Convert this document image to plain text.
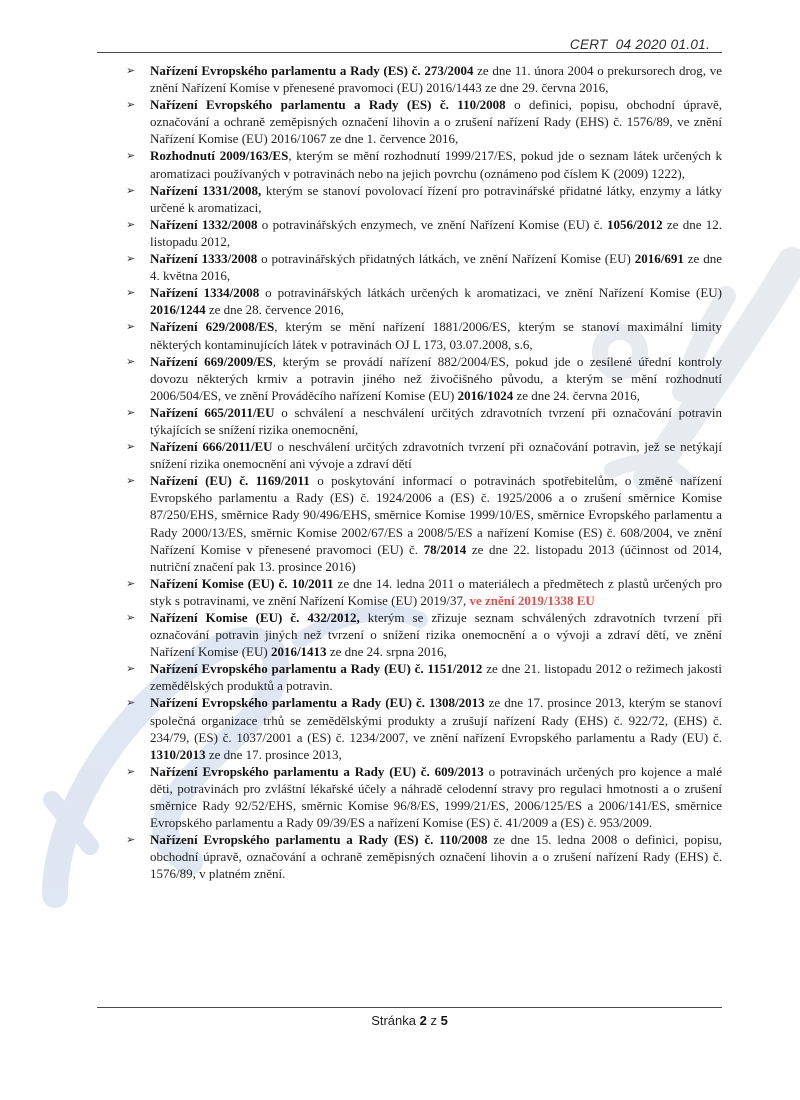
CERT  04 2020 01.01.
➢ Nařízení Evropského parlamentu a Rady (ES) č. 273/2004 ze dne 11. února 2004 o prekursorech drog, ve znění Nařízení Komise v přenesené pravomoci (EU) 2016/1443 ze dne 29. června 2016,
➢ Nařízení Evropského parlamentu a Rady (ES) č. 110/2008 o definici, popisu, obchodní úpravě, označování a ochraně zeměpisných označení lihovin a o zrušení nařízení Rady (EHS) č. 1576/89, ve znění Nařízení Komise (EU) 2016/1067 ze dne 1. července 2016,
➢ Rozhodnutí 2009/163/ES, kterým se mění rozhodnutí 1999/217/ES, pokud jde o seznam látek určených k aromatizaci používaných v potravinách nebo na jejich povrchu (oznámeno pod číslem K (2009) 1222),
➢ Nařízení 1331/2008, kterým se stanoví povolovací řízení pro potravinářské přidatné látky, enzymy a látky určené k aromatizaci,
➢ Nařízení 1332/2008 o potravinářských enzymech, ve znění Nařízení Komise (EU) č. 1056/2012 ze dne 12. listopadu 2012,
➢ Nařízení 1333/2008 o potravinářských přidatných látkách, ve znění Nařízení Komise (EU) 2016/691 ze dne 4. května 2016,
➢ Nařízení 1334/2008 o potravinářských látkách určených k aromatizaci, ve znění Nařízení Komise (EU) 2016/1244 ze dne 28. července 2016,
➢ Nařízení 629/2008/ES, kterým se mění nařízení 1881/2006/ES, kterým se stanoví maximální limity některých kontaminujících látek v potravinách OJ L 173, 03.07.2008, s.6,
➢ Nařízení 669/2009/ES, kterým se provádí nařízení 882/2004/ES, pokud jde o zesílené úřední kontroly dovozu některých krmiv a potravin jiného než živočišného původu, a kterým se mění rozhodnutí 2006/504/ES, ve znění Prováděcího nařízení Komise (EU) 2016/1024 ze dne 24. června 2016,
➢ Nařízení 665/2011/EU o schválení a neschválení určitých zdravotních tvrzení při označování potravin týkajících se snížení rizika onemocnění,
➢ Nařízení 666/2011/EU o neschválení určitých zdravotních tvrzení při označování potravin, jež se netýkají snížení rizika onemocnění ani vývoje a zdraví dětí
➢ Nařízení (EU) č. 1169/2011 o poskytování informací o potravinách spotřebitelům, o změně nařízení Evropského parlamentu a Rady (ES) č. 1924/2006 a (ES) č. 1925/2006 a o zrušení směrnice Komise 87/250/EHS, směrnice Rady 90/496/EHS, směrnice Komise 1999/10/ES, směrnice Evropského parlamentu a Rady 2000/13/ES, směrnic Komise 2002/67/ES a 2008/5/ES a nařízení Komise (ES) č. 608/2004, ve znění Nařízení Komise v přenesené pravomoci (EU) č. 78/2014 ze dne 22. listopadu 2013 (účinnost od 2014, nutriční značení pak 13. prosince 2016)
➢ Nařízení Komise (EU) č. 10/2011 ze dne 14. ledna 2011 o materiálech a předmětech z plastů určených pro styk s potravinami, ve znění Nařízení Komise (EU) 2019/37, ve znění 2019/1338 EU
➢ Nařízení Komise (EU) č. 432/2012, kterým se zřizuje seznam schválených zdravotních tvrzení při označování potravin jiných než tvrzení o snížení rizika onemocnění a o vývoji a zdraví dětí, ve znění Nařízení Komise (EU) 2016/1413 ze dne 24. srpna 2016,
➢ Nařízení Evropského parlamentu a Rady (EU) č. 1151/2012 ze dne 21. listopadu 2012 o režimech jakosti zemědělských produktů a potravin.
➢ Nařízení Evropského parlamentu a Rady (EU) č. 1308/2013 ze dne 17. prosince 2013, kterým se stanoví společná organizace trhů se zemědělskými produkty a zrušují nařízení Rady (EHS) č. 922/72, (EHS) č. 234/79, (ES) č. 1037/2001 a (ES) č. 1234/2007, ve znění nařízení Evropského parlamentu a Rady (EU) č. 1310/2013 ze dne 17. prosince 2013,
➢ Nařízení Evropského parlamentu a Rady (EU) č. 609/2013 o potravinách určených pro kojence a malé děti, potravinách pro zvláštní lékařské účely a náhradě celodenní stravy pro regulaci hmotnosti a o zrušení směrnice Rady 92/52/EHS, směrnic Komise 96/8/ES, 1999/21/ES, 2006/125/ES a 2006/141/ES, směrnice Evropského parlamentu a Rady 09/39/ES a nařízení Komise (ES) č. 41/2009 a (ES) č. 953/2009.
➢ Nařízení Evropského parlamentu a Rady (ES) č. 110/2008 ze dne 15. ledna 2008 o definici, popisu, obchodní úpravě, označování a ochraně zeměpisných označení lihovin a o zrušení nařízení Rady (EHS) č. 1576/89, v platném znění.
Stránka 2 z 5
